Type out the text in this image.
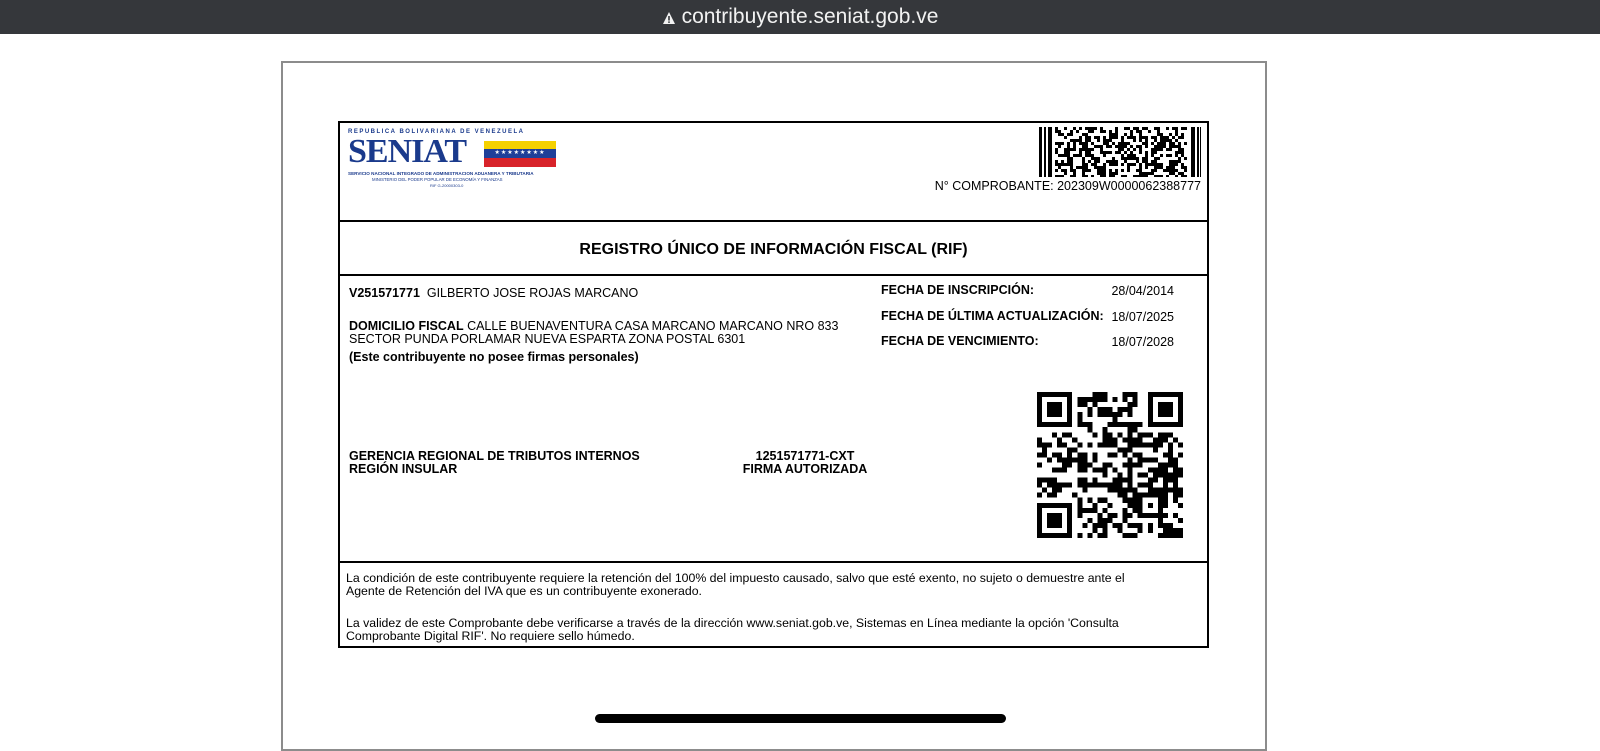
contribuyente.seniat.gob.ve
REPUBLICA BOLIVARIANA DE VENEZUELA
SENIAT	★★★★★★★★
SERVICIO NACIONAL INTEGRADO DE ADMINISTRACION ADUANERA Y TRIBUTARIA
MINISTERIO DEL PODER POPULAR DE ECONOMÍA Y FINANZAS
RIF G-20000303-0	N° COMPROBANTE: 202309W0000062388777
REGISTRO ÚNICO DE INFORMACIÓN FISCAL (RIF)
V251571771 GILBERTO JOSE ROJAS MARCANO
DOMICILIO FISCAL CALLE BUENAVENTURA CASA MARCANO MARCANO NRO 833
SECTOR PUNDA PORLAMAR NUEVA ESPARTA ZONA POSTAL 6301
(Este contribuyente no posee firmas personales)
FECHA DE INSCRIPCIÓN:	28/04/2014
FECHA DE ÚLTIMA ACTUALIZACIÓN: 18/07/2025
FECHA DE VENCIMIENTO:	18/07/2028
GERENCIA REGIONAL DE TRIBUTOS INTERNOS
REGIÓN INSULAR
1251571771-CXT
FIRMA AUTORIZADA
La condición de este contribuyente requiere la retención del 100% del impuesto causado, salvo que esté exento, no sujeto o demuestre ante el
Agente de Retención del IVA que es un contribuyente exonerado.
La validez de este Comprobante debe verificarse a través de la dirección www.seniat.gob.ve, Sistemas en Línea mediante la opción 'Consulta
Comprobante Digital RIF'. No requiere sello húmedo.
